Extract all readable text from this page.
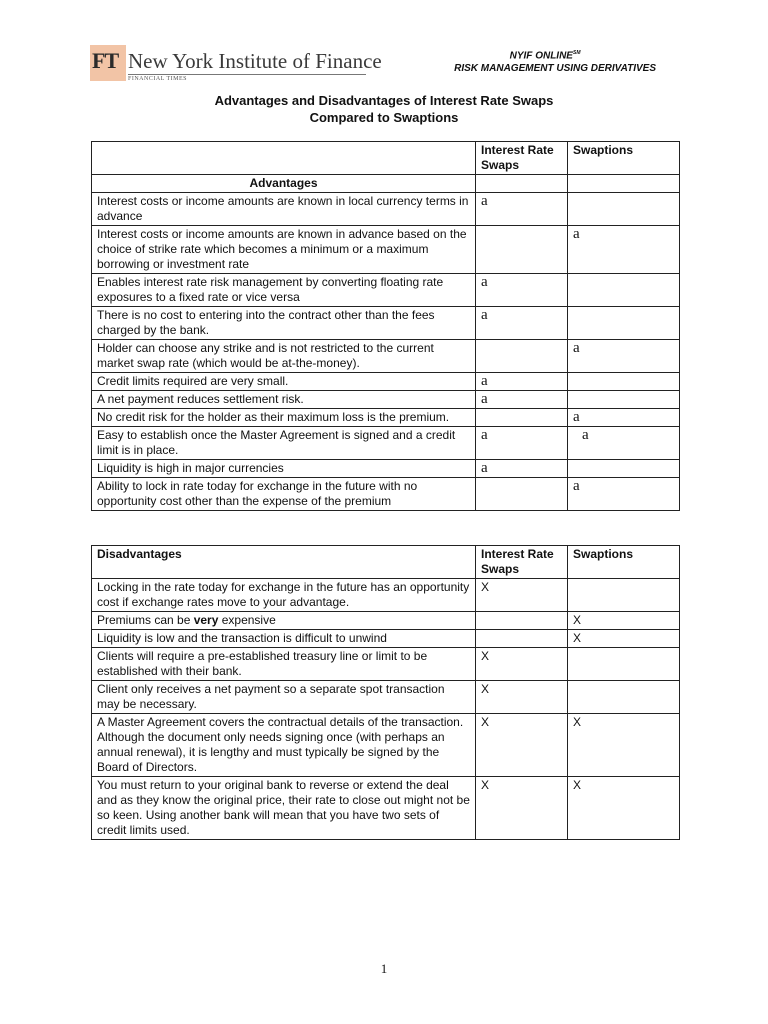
FT New York Institute of Finance
FINANCIAL TIMES
NYIF ONLINE℠
RISK MANAGEMENT USING DERIVATIVES
Advantages and Disadvantages of Interest Rate Swaps
Compared to Swaptions
	Interest Rate Swaps	Swaptions
Advantages		
Interest costs or income amounts are known in local currency terms in advance	a	
Interest costs or income amounts are known in advance based on the choice of strike rate which becomes a minimum or a maximum borrowing or investment rate		a
Enables interest rate risk management by converting floating rate exposures to a fixed rate or vice versa	a	
There is no cost to entering into the contract other than the fees charged by the bank.	a	
Holder can choose any strike and is not restricted to the current market swap rate (which would be at-the-money).		a
Credit limits required are very small.	a	
A net payment reduces settlement risk.	a	
No credit risk for the holder as their maximum loss is the premium.		a
Easy to establish once the Master Agreement is signed and a credit limit is in place.	a	a
Liquidity is high in major currencies	a	
Ability to lock in rate today for exchange in the future with no opportunity cost other than the expense of the premium		a
Disadvantages	Interest Rate Swaps	Swaptions
Locking in the rate today for exchange in the future has an opportunity cost if exchange rates move to your advantage.	X	
Premiums can be very expensive		X
Liquidity is low and the transaction is difficult to unwind		X
Clients will require a pre-established treasury line or limit to be established with their bank.	X	
Client only receives a net payment so a separate spot transaction may be necessary.	X	
A Master Agreement covers the contractual details of the transaction. Although the document only needs signing once (with perhaps an annual renewal), it is lengthy and must typically be signed by the Board of Directors.	X	X
You must return to your original bank to reverse or extend the deal and as they know the original price, their rate to close out might not be so keen. Using another bank will mean that you have two sets of credit limits used.	X	X
1
